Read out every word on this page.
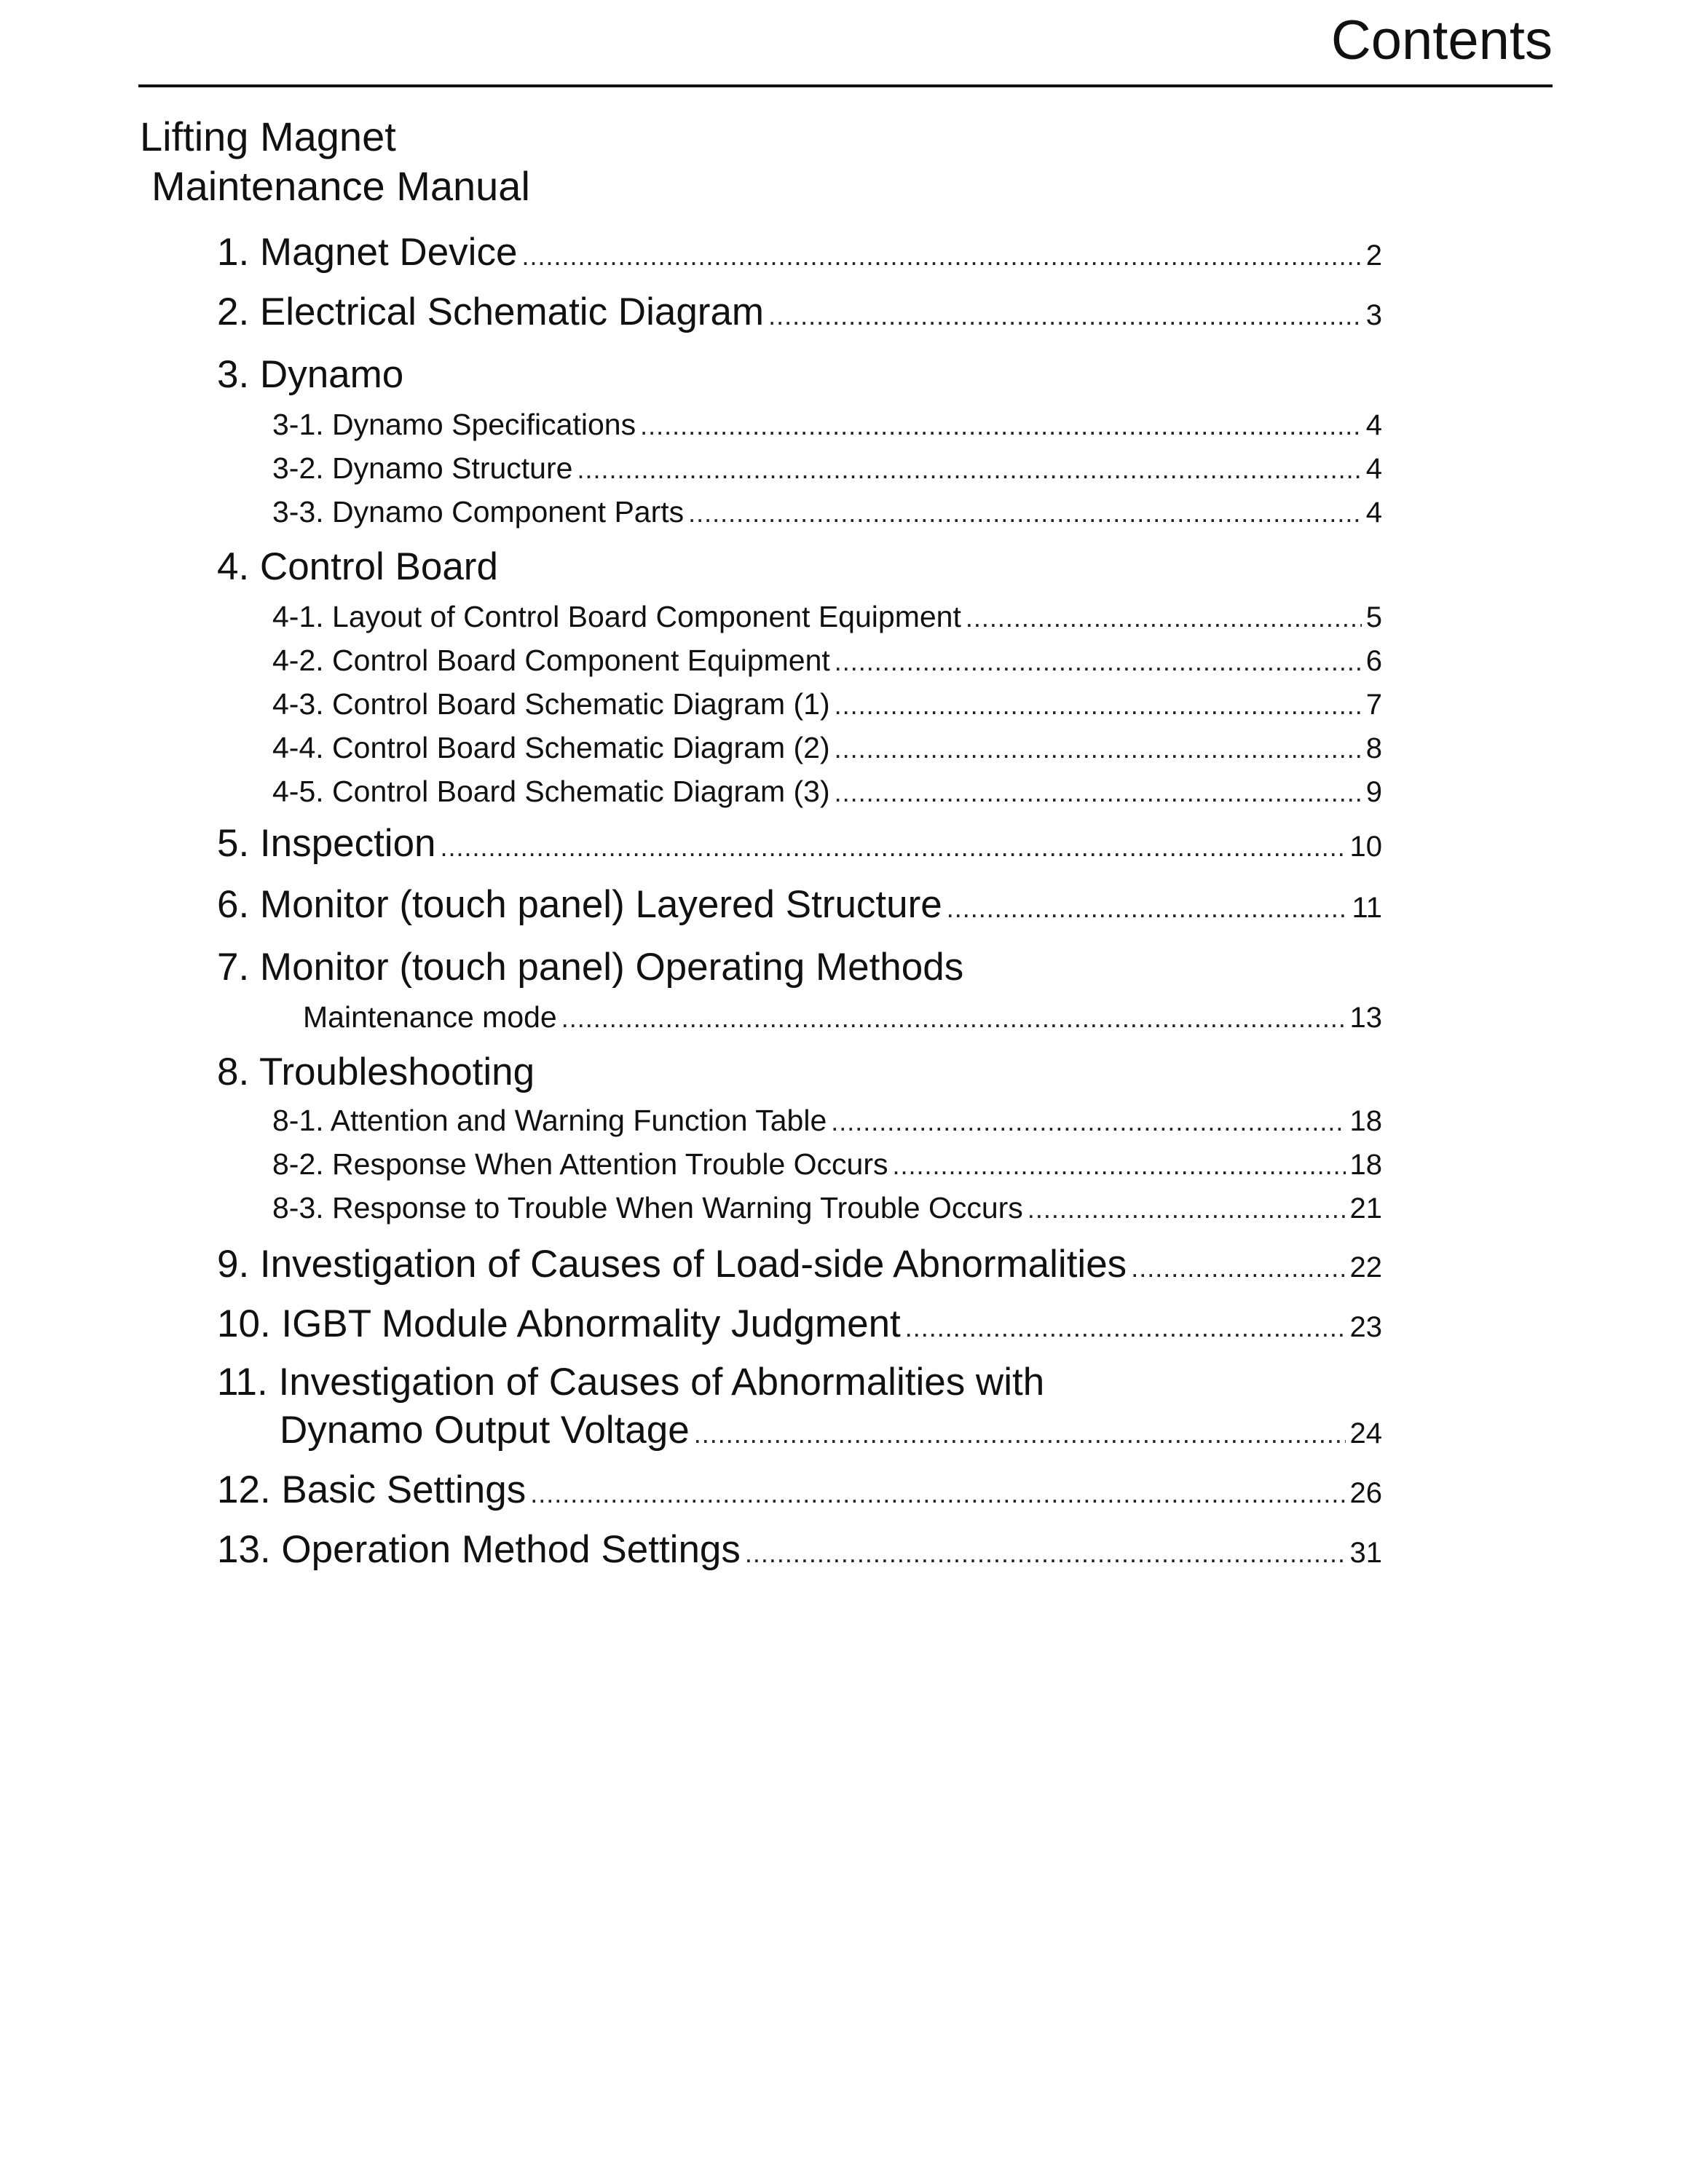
Contents
Lifting Magnet
Maintenance Manual
1. Magnet Device .....	2
2. Electrical Schematic Diagram .....	3
3. Dynamo
3-1. Dynamo Specifications .....	4
3-2. Dynamo Structure .....	4
3-3. Dynamo Component Parts .....	4
4. Control Board
4-1. Layout of Control Board Component Equipment .....	5
4-2. Control Board Component Equipment .....	6
4-3. Control Board Schematic Diagram (1) .....	7
4-4. Control Board Schematic Diagram (2) .....	8
4-5. Control Board Schematic Diagram (3) .....	9
5. Inspection .....	10
6. Monitor (touch panel) Layered Structure .....	11
7. Monitor (touch panel) Operating Methods
Maintenance mode .....	13
8. Troubleshooting
8-1. Attention and Warning Function Table .....	18
8-2. Response When Attention Trouble Occurs .....	18
8-3. Response to Trouble When Warning Trouble Occurs .....	21
9. Investigation of Causes of Load-side Abnormalities .....	22
10. IGBT Module Abnormality Judgment .....	23
11. Investigation of Causes of Abnormalities with
Dynamo Output Voltage .....	24
12. Basic Settings .....	26
13. Operation Method Settings .....	31
